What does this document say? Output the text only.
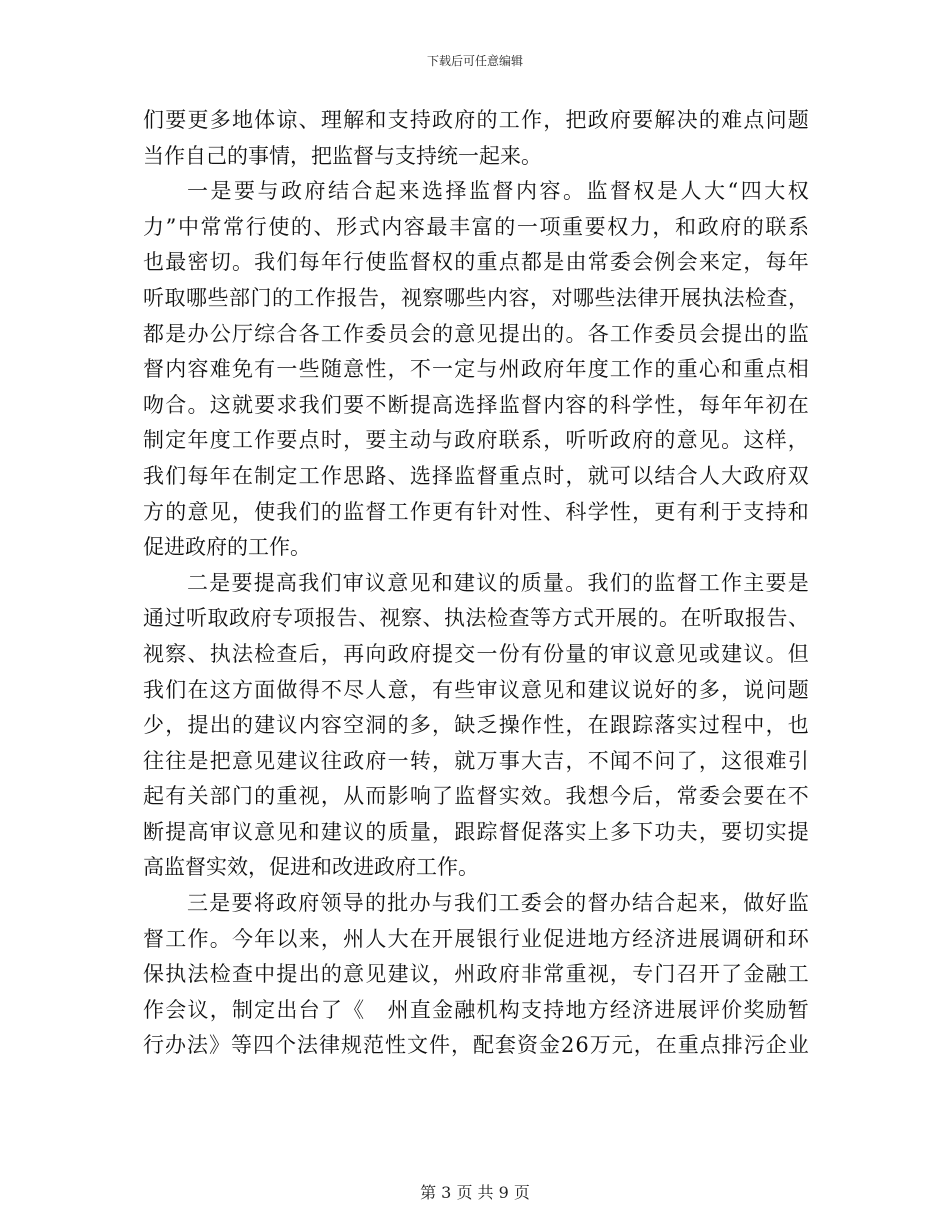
下载后可任意编辑
们 要 更 多 地 体 谅 、 理 解 和 支 持 政 府 的 工 作 ， 把 政 府 要 解 决 的 难 点 问 题
当作自己的事情，把监督与支持统一起来。
一 是 要 与 政 府 结 合 起 来 选 择 监 督 内 容 。 监 督 权 是 人 大 “ 四 大 权
力 ” 中 常 常 行 使 的 、 形 式 内 容 最 丰 富 的 一 项 重 要 权 力 ， 和 政 府 的 联 系
也 最 密 切 。 我 们 每 年 行 使 监 督 权 的 重 点 都 是 由 常 委 会 例 会 来 定 ， 每 年
听 取 哪 些 部 门 的 工 作 报 告 ， 视 察 哪 些 内 容 ， 对 哪 些 法 律 开 展 执 法 检 查 ，
都 是 办 公 厅 综 合 各 工 作 委 员 会 的 意 见 提 出 的 。 各 工 作 委 员 会 提 出 的 监
督 内 容 难 免 有 一 些 随 意 性 ， 不 一 定 与 州 政 府 年 度 工 作 的 重 心 和 重 点 相
吻 合 。 这 就 要 求 我 们 要 不 断 提 高 选 择 监 督 内 容 的 科 学 性 ， 每 年 年 初 在
制 定 年 度 工 作 要 点 时 ， 要 主 动 与 政 府 联 系 ， 听 听 政 府 的 意 见 。 这 样 ，
我 们 每 年 在 制 定 工 作 思 路 、 选 择 监 督 重 点 时 ， 就 可 以 结 合 人 大 政 府 双
方 的 意 见 ， 使 我 们 的 监 督 工 作 更 有 针 对 性 、 科 学 性 ， 更 有 利 于 支 持 和
促进政府的工作。
二 是 要 提 高 我 们 审 议 意 见 和 建 议 的 质 量 。 我 们 的 监 督 工 作 主 要 是
通 过 听 取 政 府 专 项 报 告 、 视 察 、 执 法 检 查 等 方 式 开 展 的 。 在 听 取 报 告 、
视 察 、 执 法 检 查 后 ， 再 向 政 府 提 交 一 份 有 份 量 的 审 议 意 见 或 建 议 。 但
我 们 在 这 方 面 做 得 不 尽 人 意 ， 有 些 审 议 意 见 和 建 议 说 好 的 多 ， 说 问 题
少 ， 提 出 的 建 议 内 容 空 洞 的 多 ， 缺 乏 操 作 性 ， 在 跟 踪 落 实 过 程 中 ， 也
往 往 是 把 意 见 建 议 往 政 府 一 转 ， 就 万 事 大 吉 ， 不 闻 不 问 了 ， 这 很 难 引
起 有 关 部 门 的 重 视 ， 从 而 影 响 了 监 督 实 效 。 我 想 今 后 ， 常 委 会 要 在 不
断 提 高 审 议 意 见 和 建 议 的 质 量 ， 跟 踪 督 促 落 实 上 多 下 功 夫 ， 要 切 实 提
高监督实效，促进和改进政府工作。
三 是 要 将 政 府 领 导 的 批 办 与 我 们 工 委 会 的 督 办 结 合 起 来 ， 做 好 监
督 工 作 。 今 年 以 来 ， 州 人 大 在 开 展 银 行 业 促 进 地 方 经 济 进 展 调 研 和 环
保 执 法 检 查 中 提 出 的 意 见 建 议 ， 州 政 府 非 常 重 视 ， 专 门 召 开 了 金 融 工
作 会 议 ， 制 定 出 台 了 《
　 州 直 金 融 机 构 支 持 地 方 经 济 进 展 评 价 奖 励 暂
行 办 法 》 等 四 个 法 律 规 范 性 文 件 ， 配 套 资 金 2 6 万 元 ， 在 重 点 排 污 企 业
第 3 页 共 9 页
